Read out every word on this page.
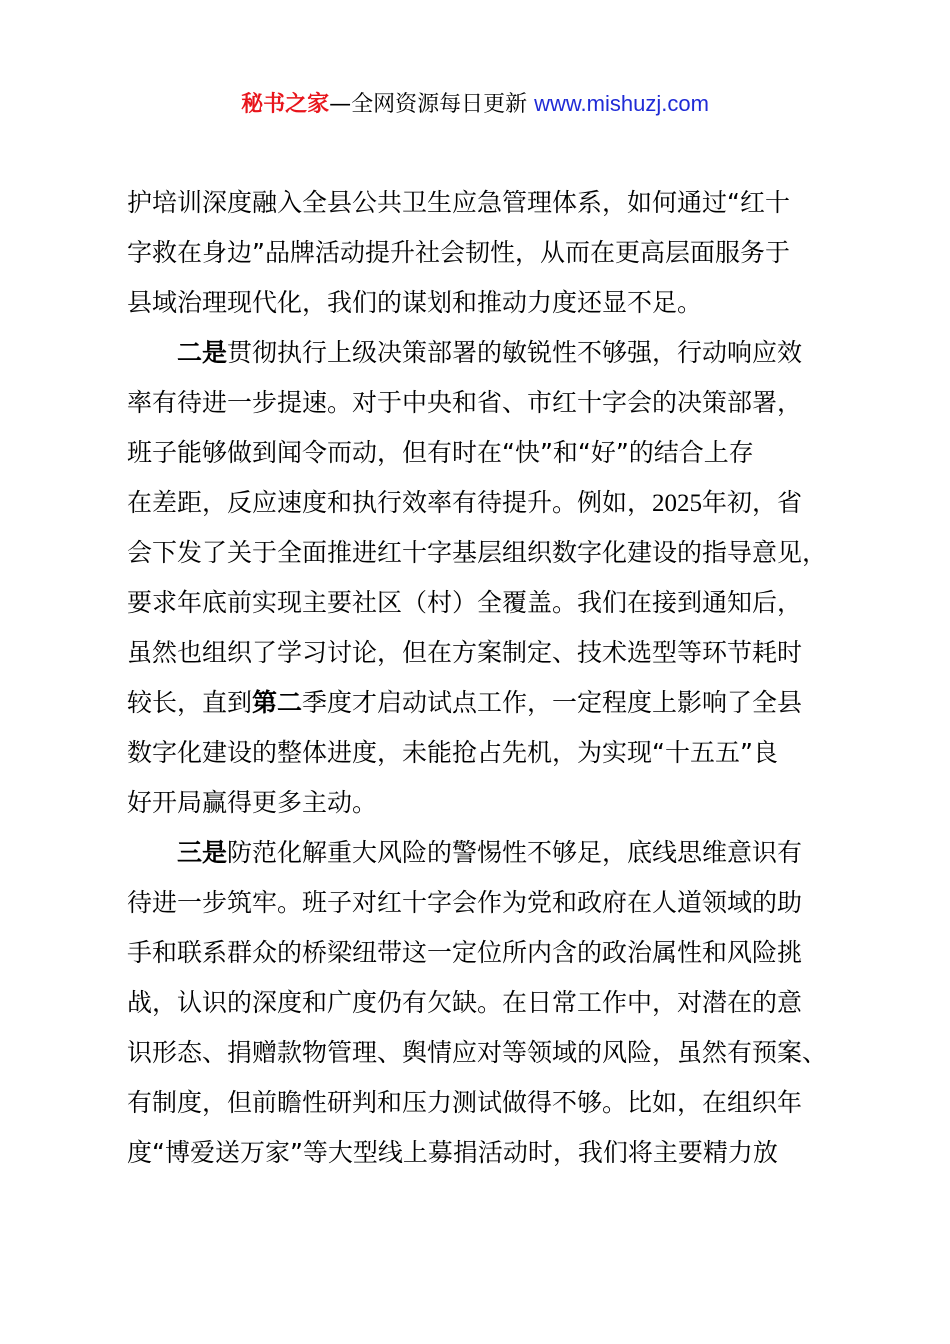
秘书之家—全网资源每日更新 www.mishuzj.com
护培训深度融入全县公共卫生应急管理体系，如何通过“红十
字救在身边”品牌活动提升社会韧性，从而在更高层面服务于
县域治理现代化，我们的谋划和推动力度还显不足。
二是贯彻执行上级决策部署的敏锐性不够强，行动响应效
率有待进一步提速。对于中央和省、市红十字会的决策部署，
班子能够做到闻令而动，但有时在“快”和“好”的结合上存
在差距，反应速度和执行效率有待提升。例如，2025年初，省
会下发了关于全面推进红十字基层组织数字化建设的指导意见，
要求年底前实现主要社区（村）全覆盖。我们在接到通知后，
虽然也组织了学习讨论，但在方案制定、技术选型等环节耗时
较长，直到第二季度才启动试点工作，一定程度上影响了全县
数字化建设的整体进度，未能抢占先机，为实现“十五五”良
好开局赢得更多主动。
三是防范化解重大风险的警惕性不够足，底线思维意识有
待进一步筑牢。班子对红十字会作为党和政府在人道领域的助
手和联系群众的桥梁纽带这一定位所内含的政治属性和风险挑
战，认识的深度和广度仍有欠缺。在日常工作中，对潜在的意
识形态、捐赠款物管理、舆情应对等领域的风险，虽然有预案、
有制度，但前瞻性研判和压力测试做得不够。比如，在组织年
度“博爱送万家”等大型线上募捐活动时，我们将主要精力放
